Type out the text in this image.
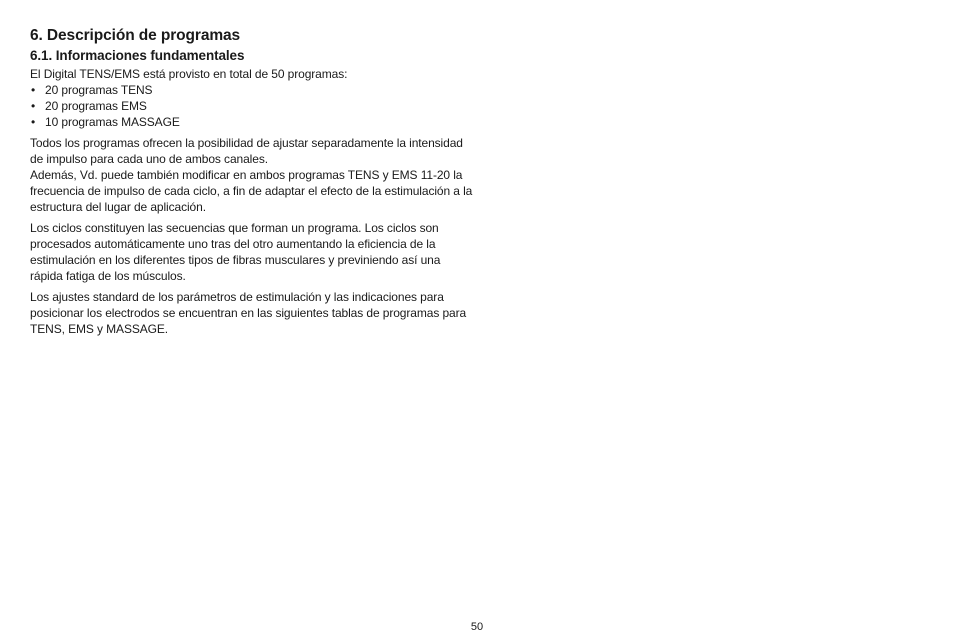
6. Descripción de programas
6.1. Informaciones fundamentales

El Digital TENS/EMS está provisto en total de 50 programas:

• 20 programas TENS
• 20 programas EMS
• 10 programas MASSAGE

Todos los programas ofrecen la posibilidad de ajustar separadamente la intensidad de impulso para cada uno de ambos canales.

Además, Vd. puede también modificar en ambos programas TENS y EMS 11-20 la frecuencia de impulso de cada ciclo, a fin de adaptar el efecto de la estimulación a la estructura del lugar de aplicación.

Los ciclos constituyen las secuencias que forman un programa. Los ciclos son procesados automáticamente uno tras del otro aumentando la eficiencia de la estimulación en los diferentes tipos de fibras musculares y previniendo así una rápida fatiga de los músculos.

Los ajustes standard de los parámetros de estimulación y las indicaciones para posicionar los electrodos se encuentran en las siguientes tablas de programas para TENS, EMS y MASSAGE.

50
